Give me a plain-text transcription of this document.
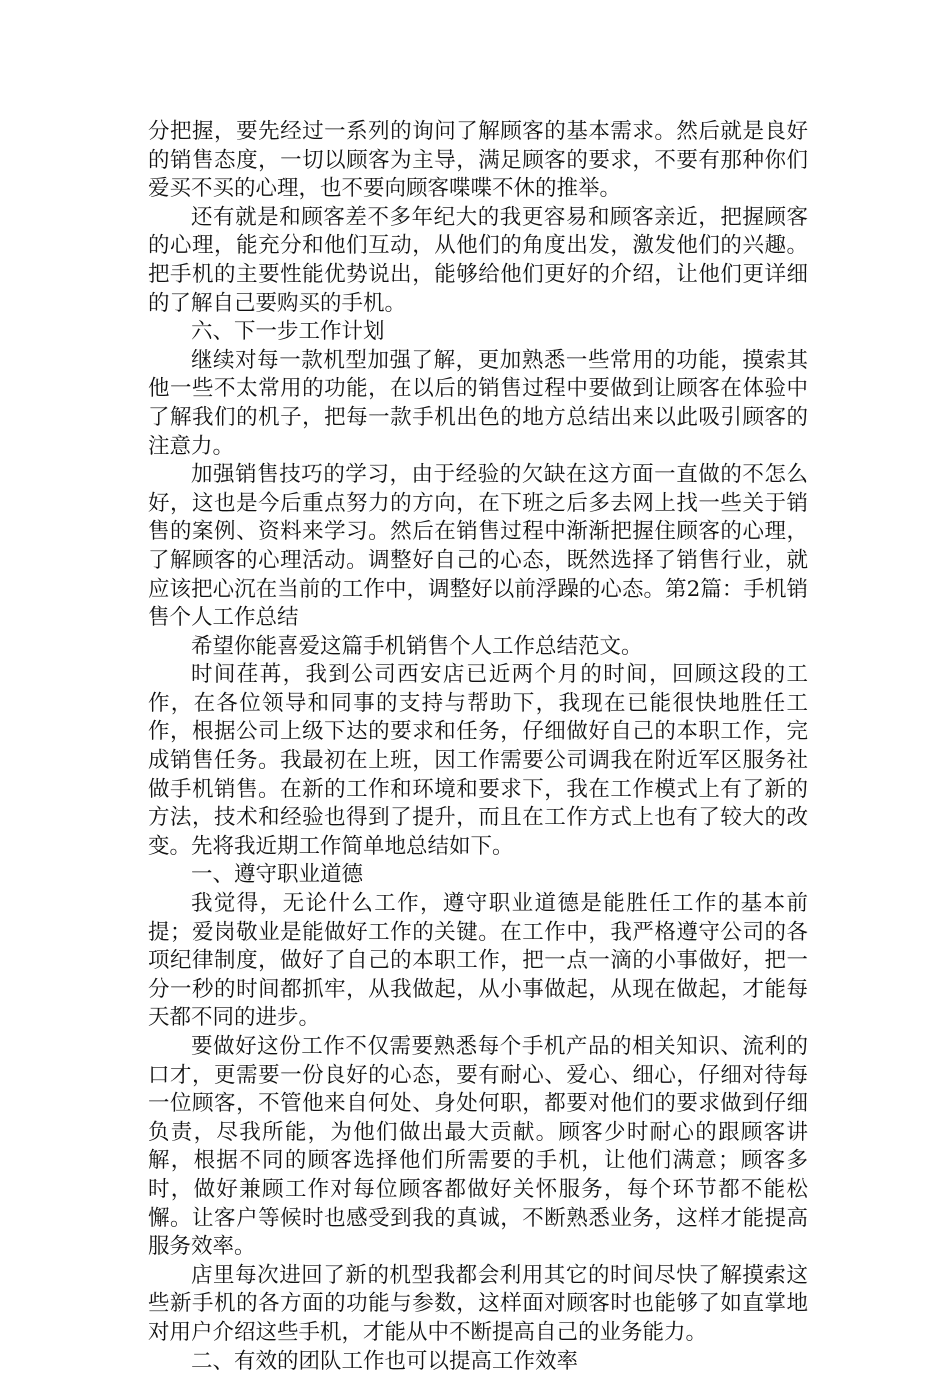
分把握，要先经过一系列的询问了解顾客的基本需求。然后就是良好的销售态度，一切以顾客为主导，满足顾客的要求，不要有那种你们爱买不买的心理，也不要向顾客喋喋不休的推举。

还有就是和顾客差不多年纪大的我更容易和顾客亲近，把握顾客的心理，能充分和他们互动，从他们的角度出发，激发他们的兴趣。把手机的主要性能优势说出，能够给他们更好的介绍，让他们更详细的了解自己要购买的手机。

六、下一步工作计划

继续对每一款机型加强了解，更加熟悉一些常用的功能，摸索其他一些不太常用的功能，在以后的销售过程中要做到让顾客在体验中了解我们的机子，把每一款手机出色的地方总结出来以此吸引顾客的注意力。

加强销售技巧的学习，由于经验的欠缺在这方面一直做的不怎么好，这也是今后重点努力的方向，在下班之后多去网上找一些关于销售的案例、资料来学习。然后在销售过程中渐渐把握住顾客的心理，了解顾客的心理活动。调整好自己的心态，既然选择了销售行业，就应该把心沉在当前的工作中，调整好以前浮躁的心态。第2篇：手机销售个人工作总结

希望你能喜爱这篇手机销售个人工作总结范文。

时间荏苒，我到公司西安店已近两个月的时间，回顾这段的工作，在各位领导和同事的支持与帮助下，我现在已能很快地胜任工作，根据公司上级下达的要求和任务，仔细做好自己的本职工作，完成销售任务。我最初在上班，因工作需要公司调我在附近军区服务社做手机销售。在新的工作和环境和要求下，我在工作模式上有了新的方法，技术和经验也得到了提升，而且在工作方式上也有了较大的改变。先将我近期工作简单地总结如下。

一、遵守职业道德

我觉得，无论什么工作，遵守职业道德是能胜任工作的基本前提；爱岗敬业是能做好工作的关键。在工作中，我严格遵守公司的各项纪律制度，做好了自己的本职工作，把一点一滴的小事做好，把一分一秒的时间都抓牢，从我做起，从小事做起，从现在做起，才能每天都不同的进步。

要做好这份工作不仅需要熟悉每个手机产品的相关知识、流利的口才，更需要一份良好的心态，要有耐心、爱心、细心，仔细对待每一位顾客，不管他来自何处、身处何职，都要对他们的要求做到仔细负责，尽我所能，为他们做出最大贡献。顾客少时耐心的跟顾客讲解，根据不同的顾客选择他们所需要的手机，让他们满意；顾客多时，做好兼顾工作对每位顾客都做好关怀服务，每个环节都不能松懈。让客户等候时也感受到我的真诚，不断熟悉业务，这样才能提高服务效率。

店里每次进回了新的机型我都会利用其它的时间尽快了解摸索这些新手机的各方面的功能与参数，这样面对顾客时也能够了如直掌地对用户介绍这些手机，才能从中不断提高自己的业务能力。

二、有效的团队工作也可以提高工作效率
